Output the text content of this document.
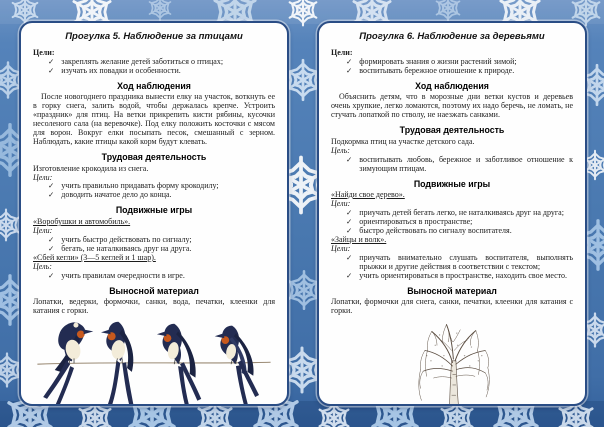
Прогулка 5. Наблюдение за птицами
Цели:
✓ закреплять желание детей заботиться о птицах;
✓ изучать их повадки и особенности.
Ход наблюдения
После новогоднего праздника вынести елку на участок, воткнуть ее в горку снега, залить водой, чтобы держалась крепче. Устроить «праздник» для птиц. На ветки прикрепить кисти рябины, кусочки несоленого сала (на веревочке). Под елку положить косточки с мясом для ворон. Вокруг елки посыпать песок, смешанный с зерном. Наблюдать, какие птицы какой корм будут клевать.
Трудовая деятельность
Изготовление крокодила из снега.
Цели:
✓ учить правильно придавать форму крокодилу;
✓ доводить начатое дело до конца.
Подвижные игры
«Воробушки и автомобиль».
Цели:
✓ учить быстро действовать по сигналу;
✓ бегать, не наталкиваясь друг на друга.
«Сбей кегли» (3—5 кеглей и 1 шар).
Цель:
✓ учить правилам очередности в игре.
Выносной материал
Лопатки, ведерки, формочки, санки, вода, печатки, клеенки для катания с горки.
Прогулка 6. Наблюдение за деревьями
Цели:
✓ формировать знания о жизни растений зимой;
✓ воспитывать бережное отношение к природе.
Ход наблюдения
Объяснить детям, что в морозные дни ветки кустов и деревьев очень хрупкие, легко ломаются, поэтому их надо беречь, не ломать, не стучать лопаткой по стволу, не наезжать санками.
Трудовая деятельность
Подкормка птиц на участке детского сада.
Цель:
✓ воспитывать любовь, бережное и заботливое отношение к зимующим птицам.
Подвижные игры
«Найди свое дерево».
Цели:
✓ приучать детей бегать легко, не наталкиваясь друг на друга;
✓ ориентироваться в пространстве;
✓ быстро действовать по сигналу воспитателя.
«Зайцы и волк».
Цели:
✓ приучать внимательно слушать воспитателя, выполнять прыжки и другие действия в соответствии с текстом;
✓ учить ориентироваться в пространстве, находить свое место.
Выносной материал
Лопатки, формочки для снега, санки, печатки, клеенки для катания с горки.
